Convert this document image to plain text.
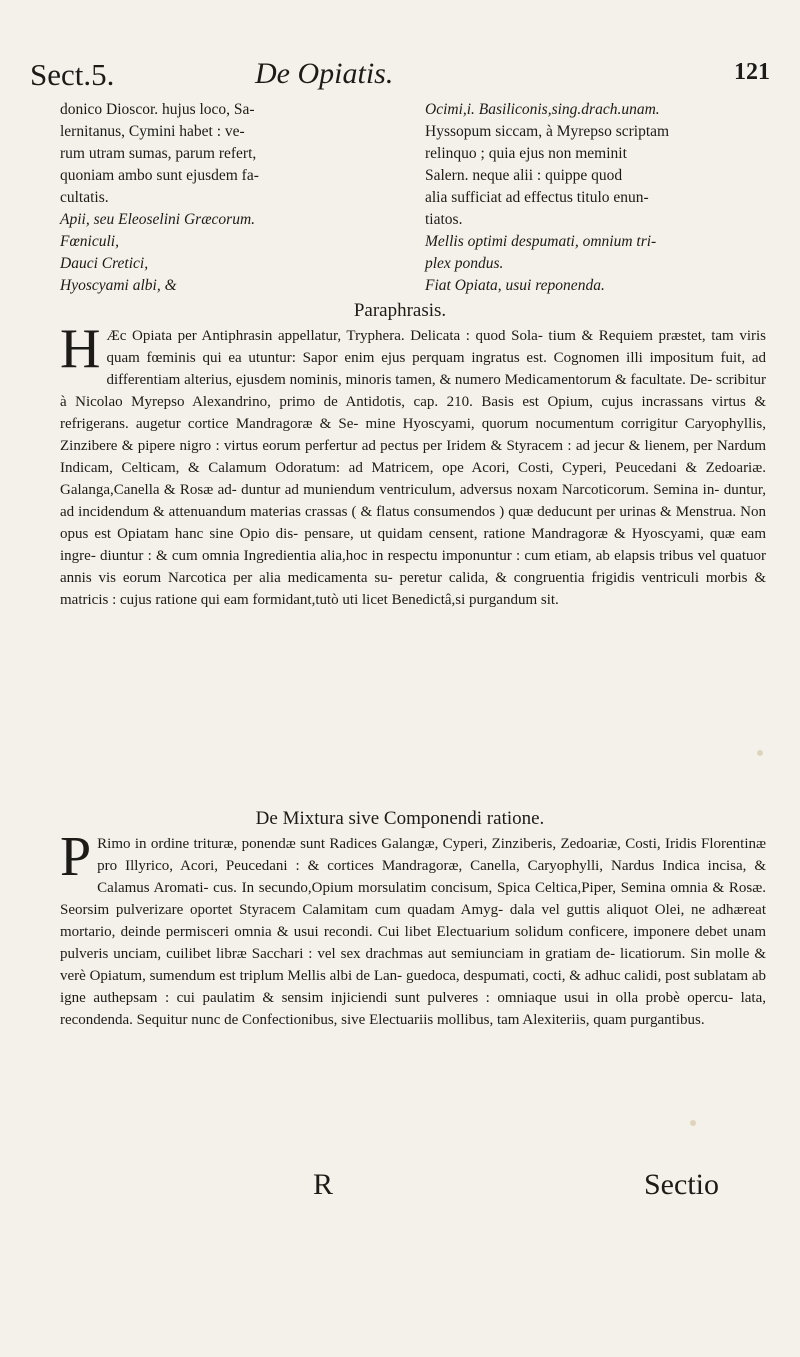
Sect.5.	De Opiatis.	121
donico Dioscor. hujus loco, Sa-
lernitanus, Cymini habet : ve-
rum utram sumas, parum refert,
quoniam ambo sunt ejusdem fa-
cultatis.
Apii, seu Eleoselini Græcorum.
Fœniculi,
Dauci Cretici,
Hyoscyami albi, &
Ocimi,i. Basiliconis,sing.drach.unam.
Hyssopum siccam, à Myrepso scriptam
relinquo ; quia ejus non meminit
Salern. neque alii : quippe quod
alia sufficiat ad effectus titulo enun-
tiatos.
Mellis optimi despumati, omnium tri-
plex pondus.
Fiat Opiata, usui reponenda.
Paraphrasis.
H Æc Opiata per Antiphrasin appellatur, Tryphera. Delicata : quod Sola- tium & Requiem præstet, tam viris quam fœminis qui ea utuntur: Sapor enim ejus perquam ingratus est. Cognomen illi impositum fuit, ad differentiam alterius, ejusdem nominis, minoris tamen, & numero Medicamentorum & facultate. De- scribitur à Nicolao Myrepso Alexandrino, primo de Antidotis, cap. 210. Basis est Opium, cujus incrassans virtus & refrigerans. augetur cortice Mandragoræ & Se- mine Hyoscyami, quorum nocumentum corrigitur Caryophyllis, Zinzibere & pipere nigro : virtus eorum perfertur ad pectus per Iridem & Styracem : ad jecur & lienem, per Nardum Indicam, Celticam, & Calamum Odoratum: ad Matricem, ope Acori, Costi, Cyperi, Peucedani & Zedoariæ. Galanga,Canella & Rosæ ad- duntur ad muniendum ventriculum, adversus noxam Narcoticorum. Semina in- duntur, ad incidendum & attenuandum materias crassas ( & flatus consumendos ) quæ deducunt per urinas & Menstrua. Non opus est Opiatam hanc sine Opio dis- pensare, ut quidam censent, ratione Mandragoræ & Hyoscyami, quæ eam ingre- diuntur : & cum omnia Ingredientia alia,hoc in respectu imponuntur : cum etiam, ab elapsis tribus vel quatuor annis vis eorum Narcotica per alia medicamenta su- peretur calida, & congruentia frigidis ventriculi morbis & matricis : cujus ratione qui eam formidant,tutò uti licet Benedictâ,si purgandum sit.
De Mixtura sive Componendi ratione.
P Rimo in ordine trituræ, ponendæ sunt Radices Galangæ, Cyperi, Zinziberis, Zedoariæ, Costi, Iridis Florentinæ pro Illyrico, Acori, Peucedani : & cortices Mandragoræ, Canella, Caryophylli, Nardus Indica incisa, & Calamus Aromati- cus. In secundo,Opium morsulatim concisum, Spica Celtica,Piper, Semina omnia & Rosæ. Seorsim pulverizare oportet Styracem Calamitam cum quadam Amyg- dala vel guttis aliquot Olei, ne adhæreat mortario, deinde permisceri omnia & usui recondi. Cui libet Electuarium solidum conficere, imponere debet unam pulveris unciam, cuilibet libræ Sacchari : vel sex drachmas aut semiunciam in gratiam de- licatiorum. Sin molle & verè Opiatum, sumendum est triplum Mellis albi de Lan- guedoca, despumati, cocti, & adhuc calidi, post sublatam ab igne authepsam : cui paulatim & sensim injiciendi sunt pulveres : omniaque usui in olla probè opercu- lata, recondenda. Sequitur nunc de Confectionibus, sive Electuariis mollibus, tam Alexiteriis, quam purgantibus.
R	Sectio
